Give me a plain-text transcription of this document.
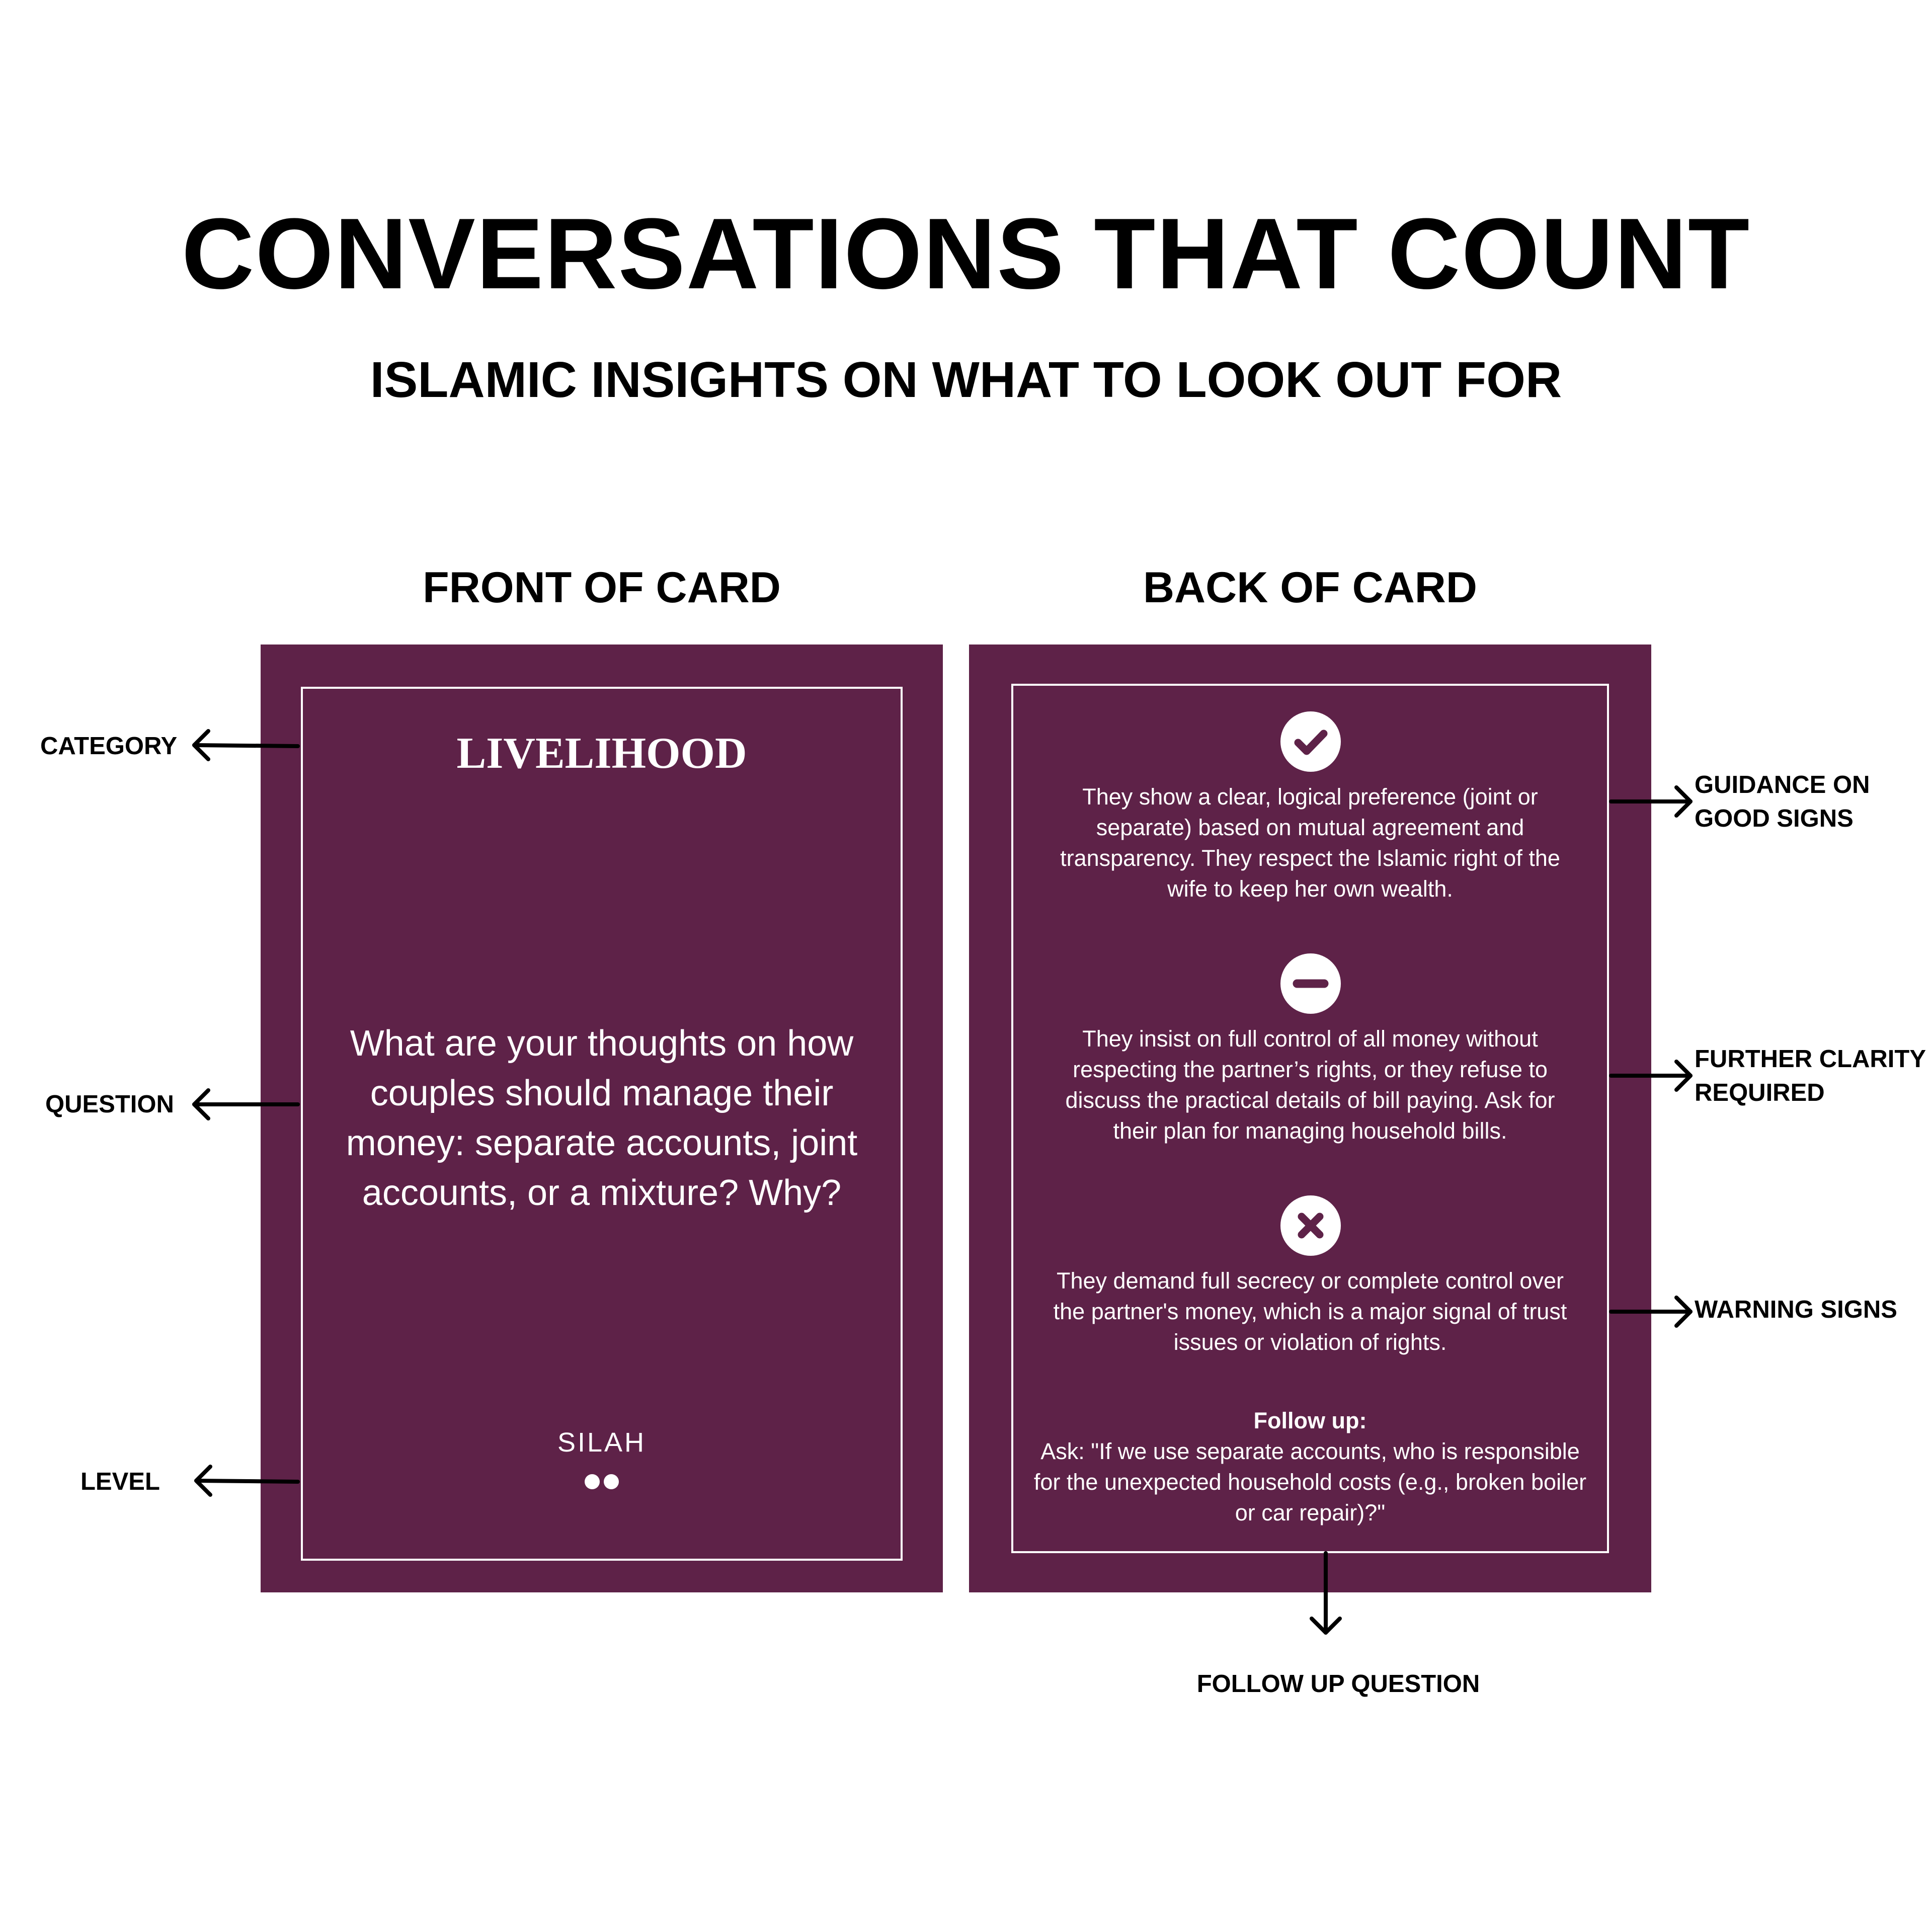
CONVERSATIONS THAT COUNT
ISLAMIC INSIGHTS ON WHAT TO LOOK OUT FOR
FRONT OF CARD	BACK OF CARD
LIVELIHOOD
What are your thoughts on how couples should manage their money: separate accounts, joint accounts, or a mixture? Why?
SILAH
They show a clear, logical preference (joint or separate) based on mutual agreement and transparency. They respect the Islamic right of the wife to keep her own wealth.
They insist on full control of all money without respecting the partner’s rights, or they refuse to discuss the practical details of bill paying. Ask for their plan for managing household bills.
They demand full secrecy or complete control over the partner's money, which is a major signal of trust issues or violation of rights.
Follow up:
Ask: "If we use separate accounts, who is responsible for the unexpected household costs (e.g., broken boiler or car repair)?"
CATEGORY
QUESTION
LEVEL
GUIDANCE ON
GOOD SIGNS
FURTHER CLARITY
REQUIRED
WARNING SIGNS
FOLLOW UP QUESTION
